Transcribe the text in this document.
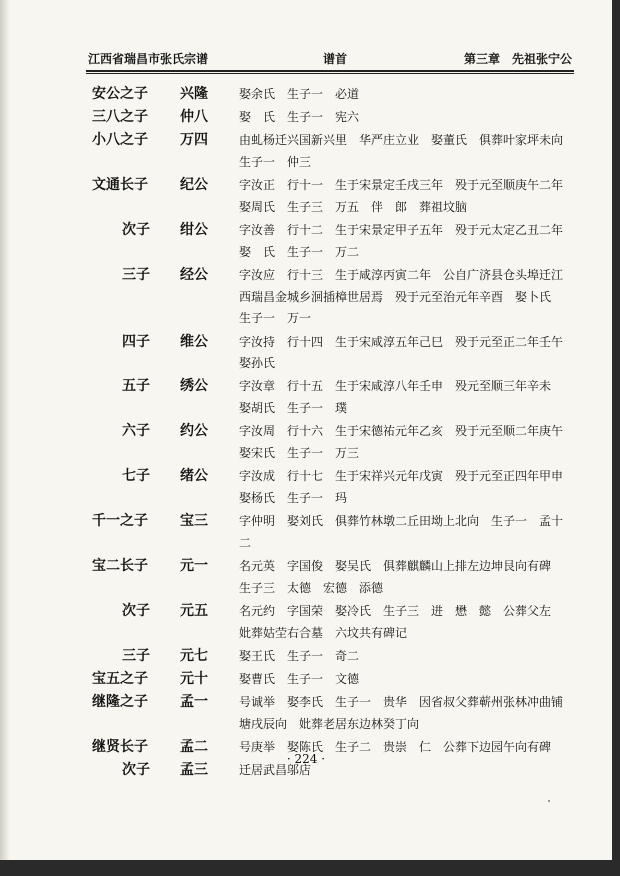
江西省瑞昌市张氏宗谱	谱首	第三章　先祖张宁公
安公之子 兴隆	娶余氏　生子一　必道
三八之子 仲八	娶　氏　生子一　宪六
小八之子 万四	由虬杨迁兴国新兴里　华严庄立业　娶董氏　俱葬叶家坪未向
生子一　仲三
文通长子 纪公	字汝正　行十一　生于宋景定壬戌三年　殁于元至顺庚午二年
娶周氏　生子三　万五　伴　郎　葬祖坟脑
次子 绀公	字汝善　行十二　生于宋景定甲子五年　殁于元太定乙丑二年
娶　氏　生子一　万二
三子 经公	字汝应　行十三　生于咸淳丙寅二年　公自广济县仓头埠迁江
西瑞昌金城乡洄插樟世居焉　殁于元至治元年辛酉　娶卜氏
生子一　万一
四子 维公	字汝持　行十四　生于宋咸淳五年己巳　殁于元至正二年壬午
娶孙氏
五子 绣公	字汝章　行十五　生于宋咸淳八年壬申　殁元至顺三年辛未
娶胡氏　生子一　璞
六子 约公	字汝周　行十六　生于宋德祐元年乙亥　殁于元至顺二年庚午
娶宋氏　生子一　万三
七子 绪公	字汝成　行十七　生于宋祥兴元年戊寅　殁于元至正四年甲申
娶杨氏　生子一　玛
千一之子 宝三	字仲明　娶刘氏　俱葬竹林墩二丘田坳上北向　生子一　孟十
二
宝二长子 元一	名元英　字国俊　娶吴氏　俱葬麒麟山上排左边坤艮向有碑
生子三　太德　宏德　添德
次子 元五	名元约　字国荣　娶冷氏　生子三　进　懋　懿　公葬父左
妣葬姑茔右合墓　六坟共有碑记
三子 元七	娶王氏　生子一　奇二
宝五之子 元十	娶曹氏　生子一　文德
继隆之子 孟一	号诚举　娶李氏　生子一　贵华　因省叔父葬蕲州张林冲曲铺
塘戌辰向　妣葬老居东边林癸丁向
继贤长子 孟二	号庚举　娶陈氏　生子二　贵崇　仁　公葬下边园午向有碑
次子 孟三	迁居武昌邬店
· 224 ·
